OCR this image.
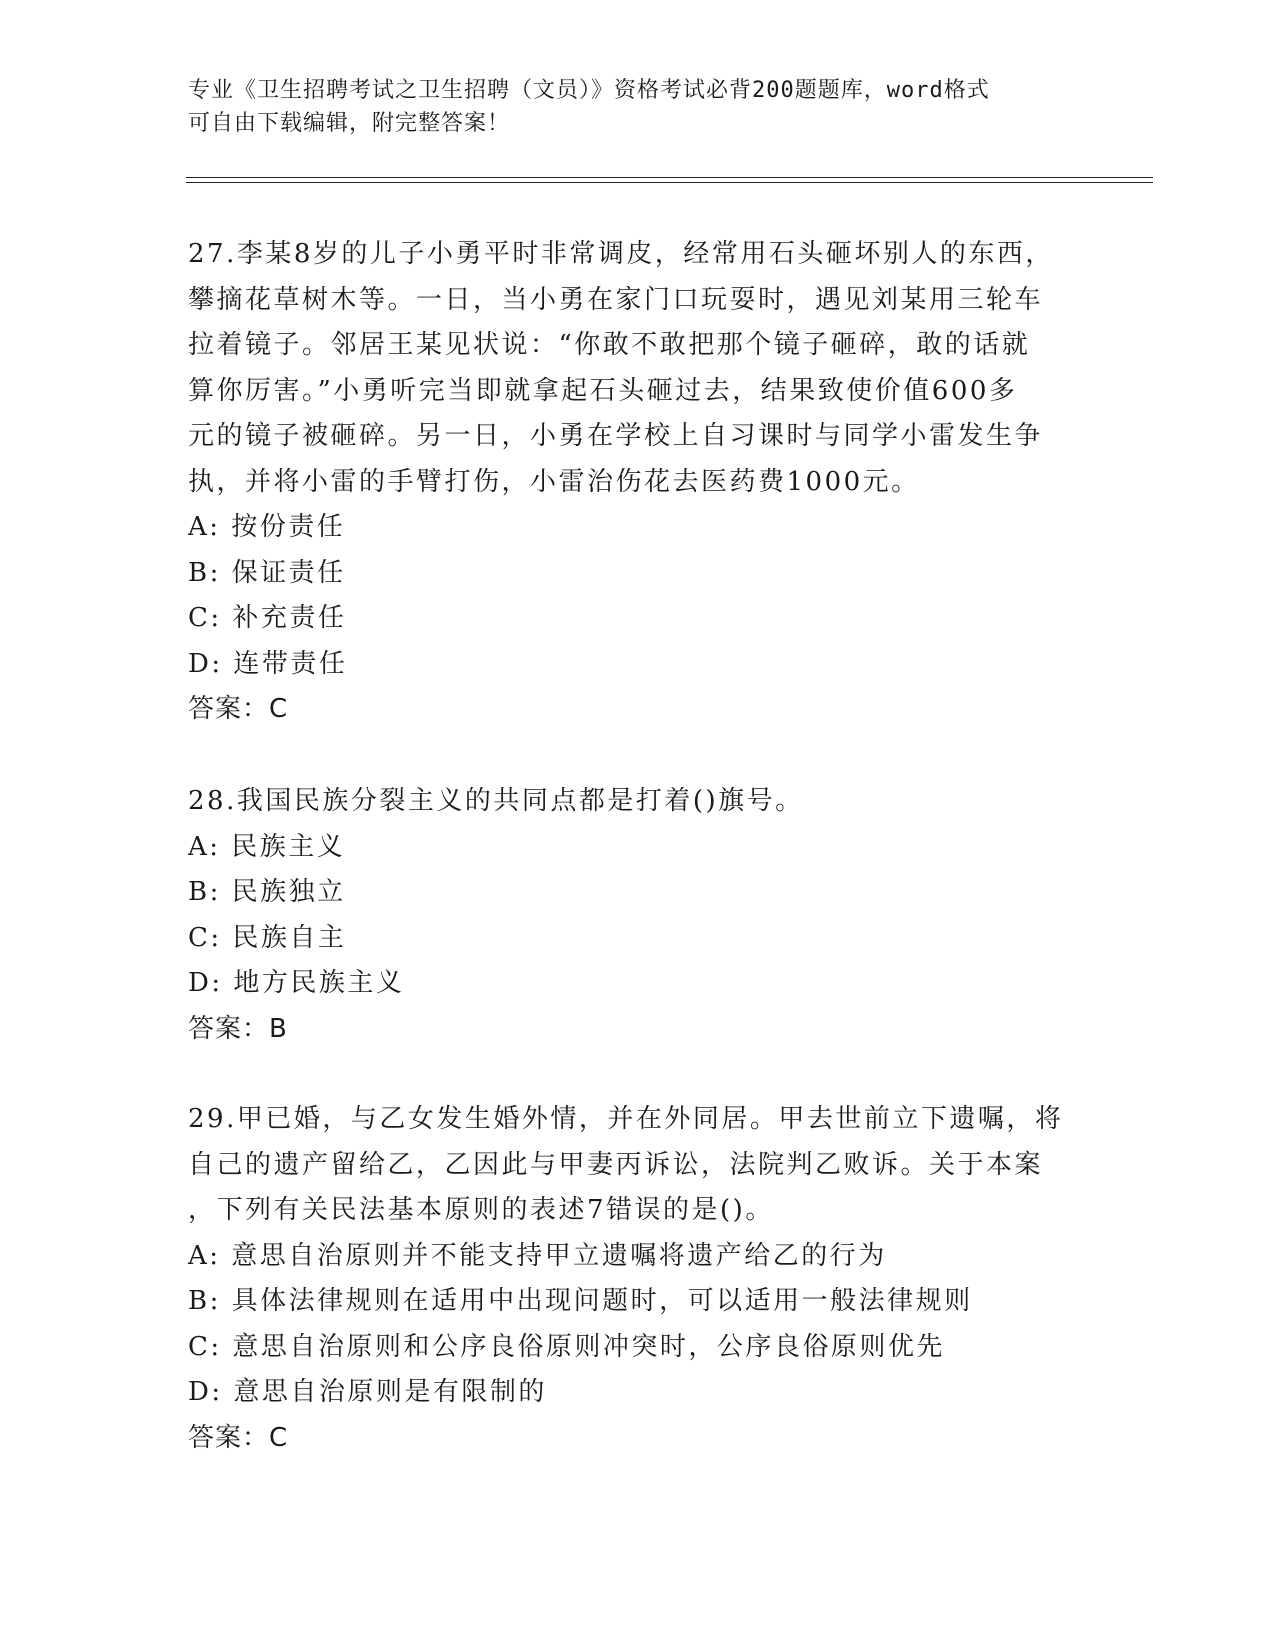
专业《卫生招聘考试之卫生招聘（文员）》资格考试必背200题题库，word格式
可自由下载编辑，附完整答案！
27.李某8岁的儿子小勇平时非常调皮，经常用石头砸坏别人的东西，
攀摘花草树木等。一日，当小勇在家门口玩耍时，遇见刘某用三轮车
拉着镜子。邻居王某见状说：“你敢不敢把那个镜子砸碎，敢的话就
算你厉害。”小勇听完当即就拿起石头砸过去，结果致使价值600多
元的镜子被砸碎。另一日，小勇在学校上自习课时与同学小雷发生争
执，并将小雷的手臂打伤，小雷治伤花去医药费1000元。
A: 按份责任
B: 保证责任
C: 补充责任
D: 连带责任
答案：C
28.我国民族分裂主义的共同点都是打着()旗号。
A: 民族主义
B: 民族独立
C: 民族自主
D: 地方民族主义
答案：B
29.甲已婚，与乙女发生婚外情，并在外同居。甲去世前立下遗嘱，将
自己的遗产留给乙，乙因此与甲妻丙诉讼，法院判乙败诉。关于本案
，下列有关民法基本原则的表述7错误的是()。
A: 意思自治原则并不能支持甲立遗嘱将遗产给乙的行为
B: 具体法律规则在适用中出现问题时，可以适用一般法律规则
C: 意思自治原则和公序良俗原则冲突时，公序良俗原则优先
D: 意思自治原则是有限制的
答案：C
